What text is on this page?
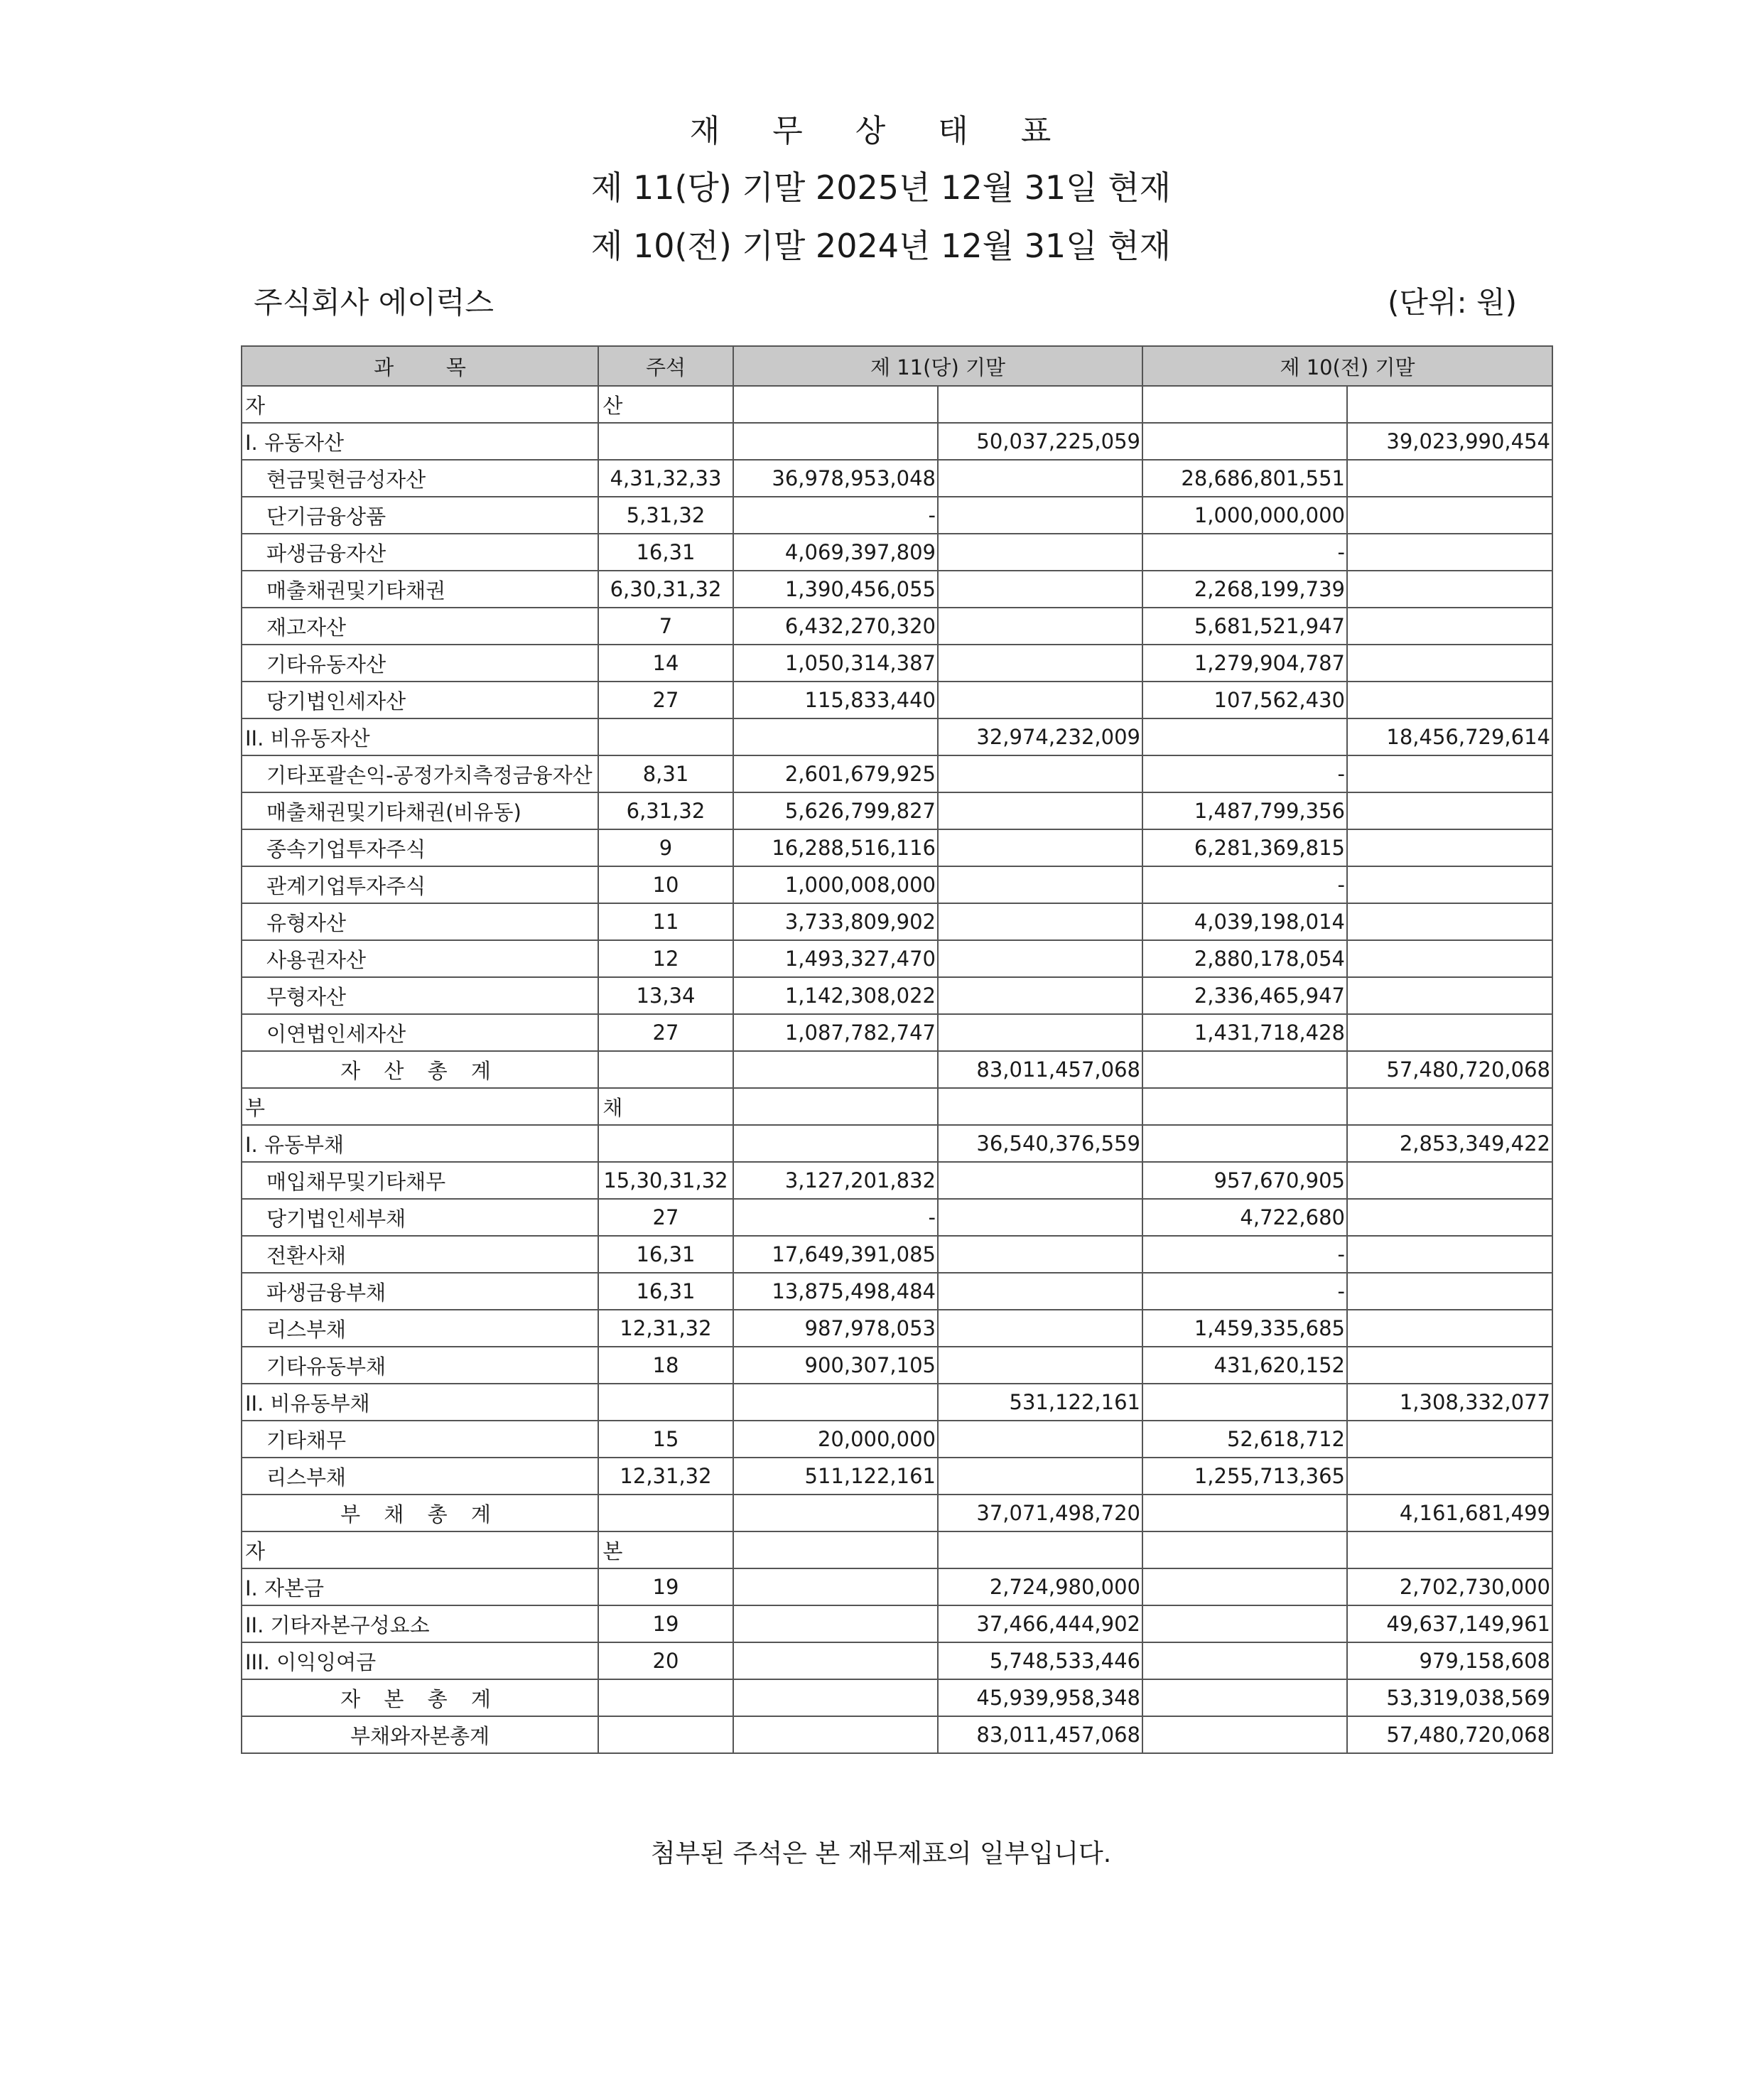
재 무 상 태 표
제 11(당) 기말 2025년 12월 31일 현재
제 10(전) 기말 2024년 12월 31일 현재
주식회사 에이럭스	(단위: 원)
과        목	주석	제 11(당) 기말		제 10(전) 기말	
자      산					
I. 유동자산			50,037,225,059		39,023,990,454
현금및현금성자산	4,31,32,33	36,978,953,048		28,686,801,551	
단기금융상품	5,31,32	-		1,000,000,000	
파생금융자산	16,31	4,069,397,809		-	
매출채권및기타채권	6,30,31,32	1,390,456,055		2,268,199,739	
재고자산	7	6,432,270,320		5,681,521,947	
기타유동자산	14	1,050,314,387		1,279,904,787	
당기법인세자산	27	115,833,440		107,562,430	
II. 비유동자산			32,974,232,009		18,456,729,614
기타포괄손익-공정가치측정금융자산	8,31	2,601,679,925		-	
매출채권및기타채권(비유동)	6,31,32	5,626,799,827		1,487,799,356	
종속기업투자주식	9	16,288,516,116		6,281,369,815	
관계기업투자주식	10	1,000,008,000		-	
유형자산	11	3,733,809,902		4,039,198,014	
사용권자산	12	1,493,327,470		2,880,178,054	
무형자산	13,34	1,142,308,022		2,336,465,947	
이연법인세자산	27	1,087,782,747		1,431,718,428	
자 산 총 계			83,011,457,068		57,480,720,068
부      채					
I. 유동부채			36,540,376,559		2,853,349,422
매입채무및기타채무	15,30,31,32	3,127,201,832		957,670,905	
당기법인세부채	27	-		4,722,680	
전환사채	16,31	17,649,391,085		-	
파생금융부채	16,31	13,875,498,484		-	
리스부채	12,31,32	987,978,053		1,459,335,685	
기타유동부채	18	900,307,105		431,620,152	
II. 비유동부채			531,122,161		1,308,332,077
기타채무	15	20,000,000		52,618,712	
리스부채	12,31,32	511,122,161		1,255,713,365	
부 채 총 계			37,071,498,720		4,161,681,499
자      본					
I. 자본금	19		2,724,980,000		2,702,730,000
II. 기타자본구성요소	19		37,466,444,902		49,637,149,961
III. 이익잉여금	20		5,748,533,446		979,158,608
자 본 총 계			45,939,958,348		53,319,038,569
부채와자본총계			83,011,457,068		57,480,720,068
첨부된 주석은 본 재무제표의 일부입니다.
